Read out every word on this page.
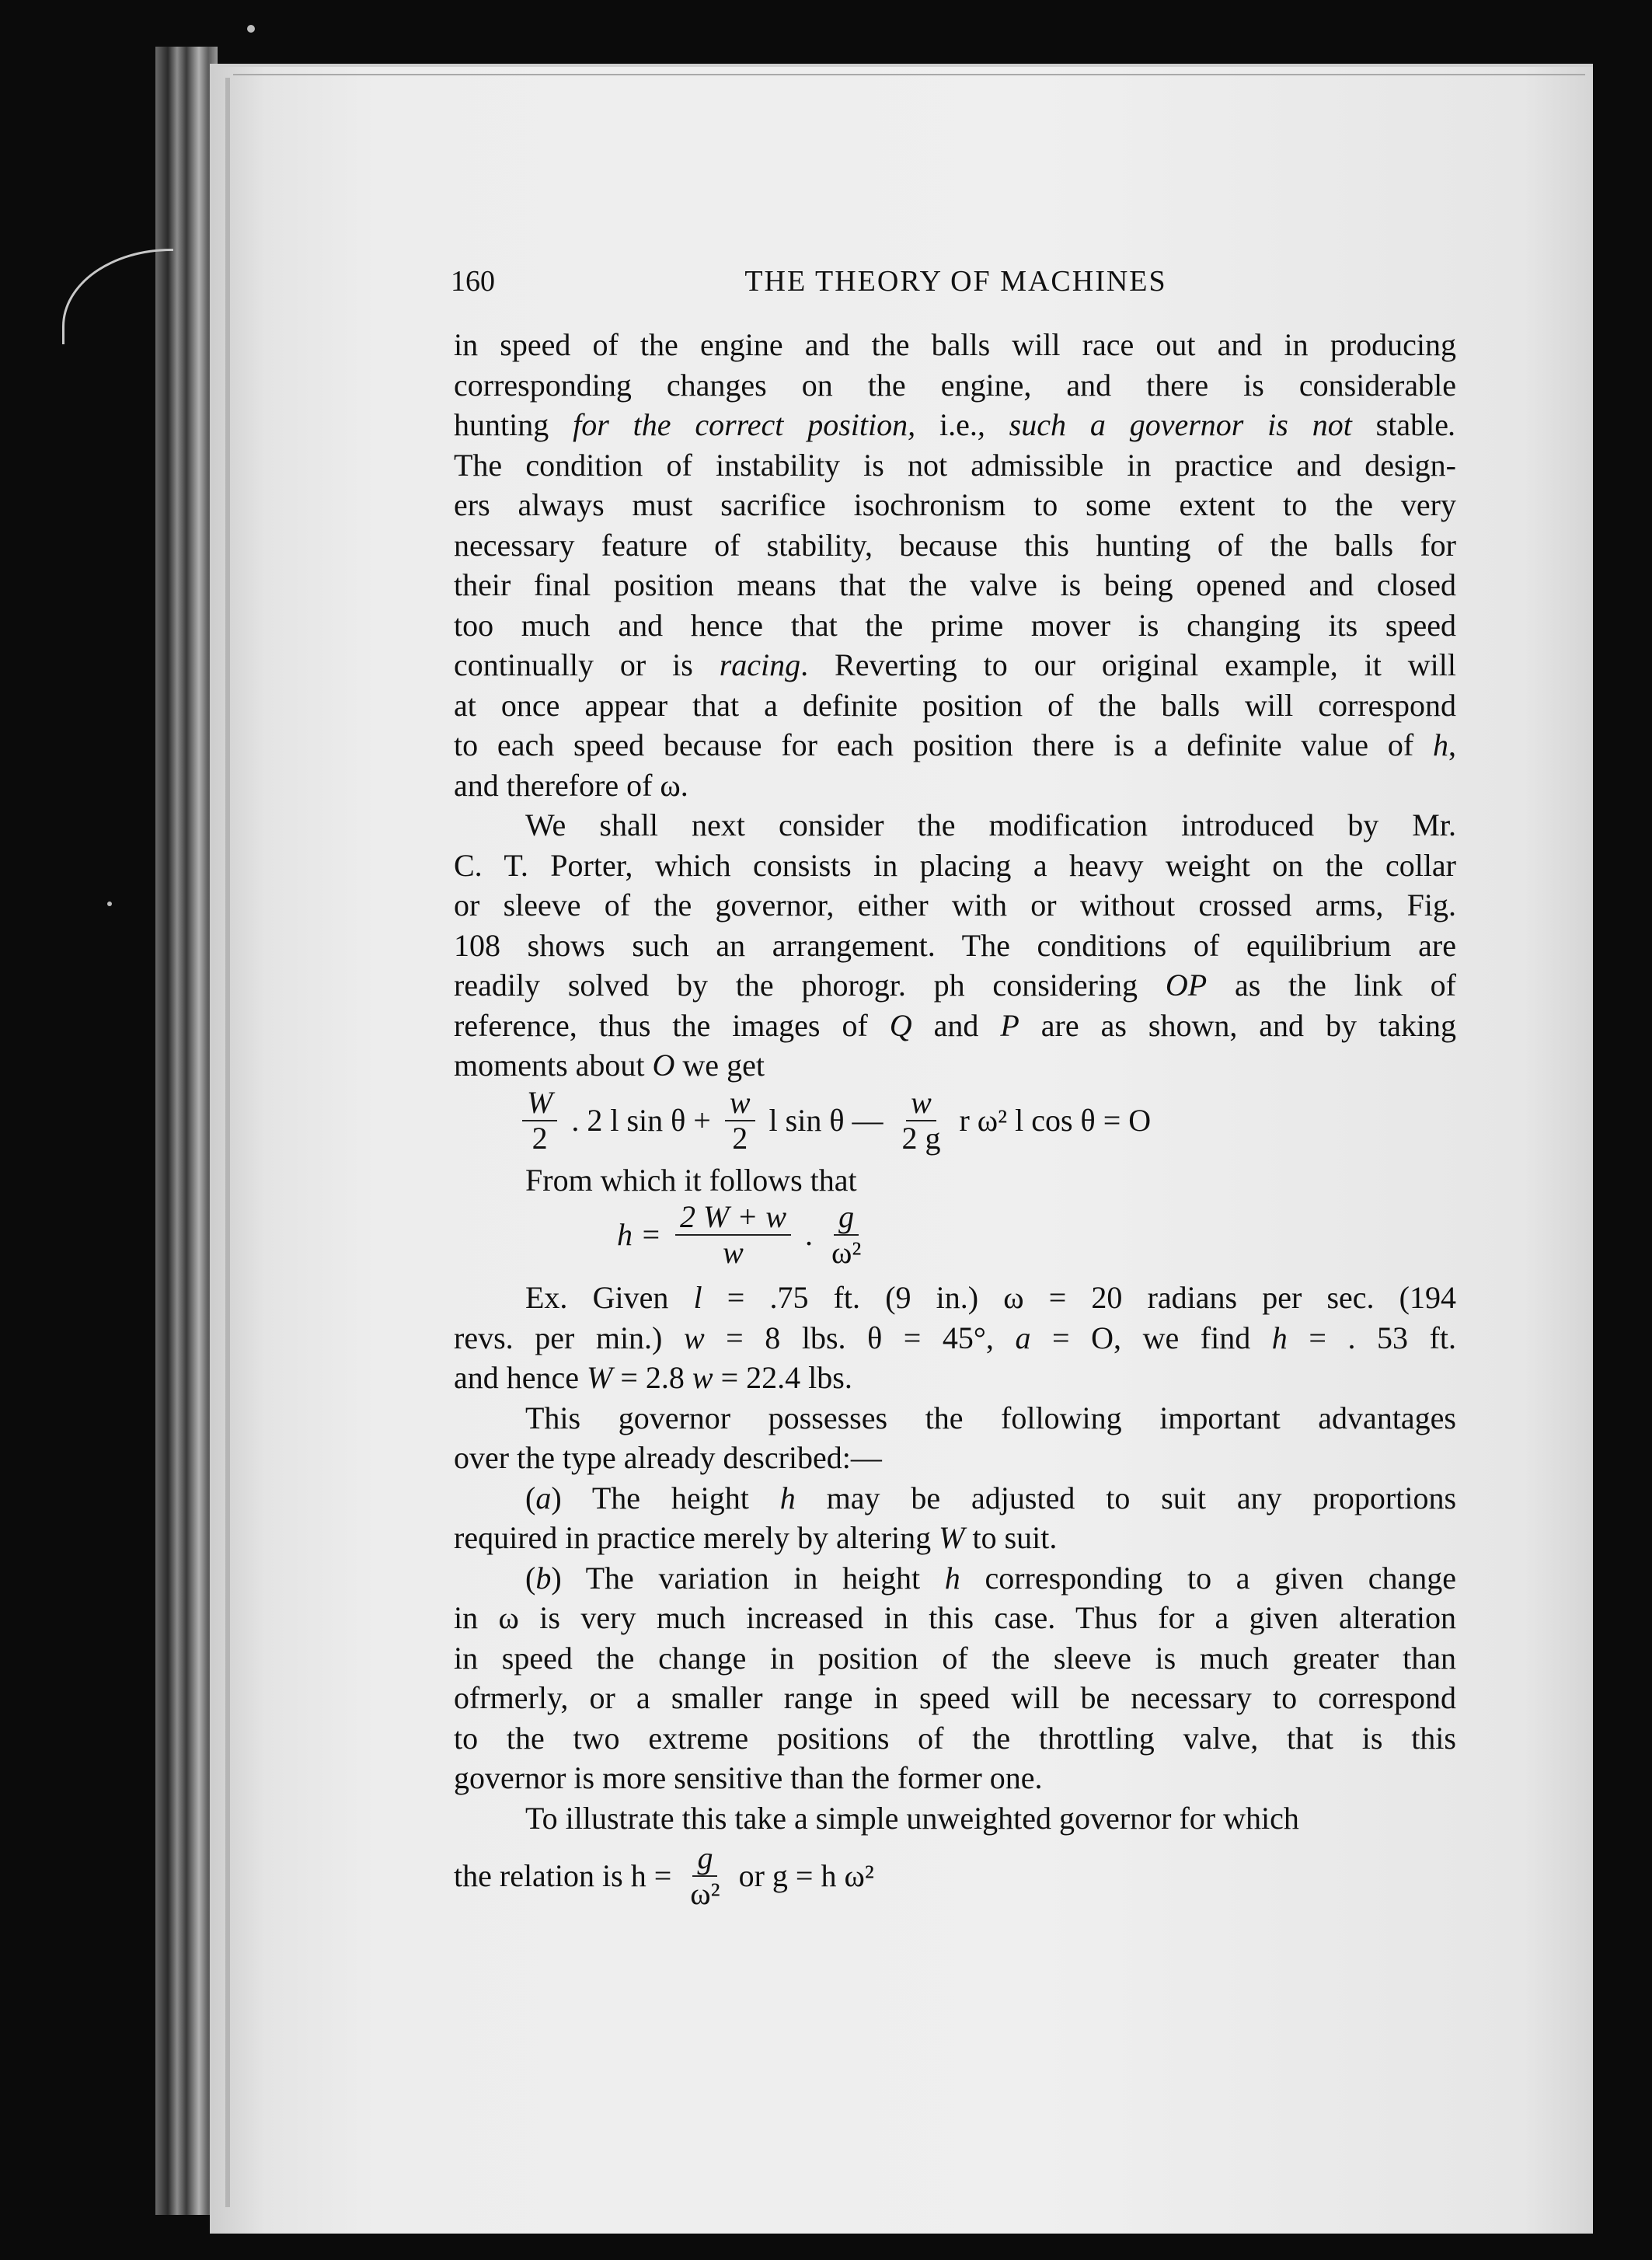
160	THE THEORY OF MACHINES

in speed of the engine and the balls will race out and in producing

corresponding changes on the engine, and there is considerable

hunting for the correct position, i.e., such a governor is not stable.

The condition of instability is not admissible in practice and design-

ers always must sacrifice isochronism to some extent to the very

necessary feature of stability, because this hunting of the balls for

their final position means that the valve is being opened and closed

too much and hence that the prime mover is changing its speed

continually or is racing. Reverting to our original example, it will

at once appear that a definite position of the balls will correspond

to each speed because for each position there is a definite value of h,

and therefore of ω.

We shall next consider the modification introduced by Mr.

C. T. Porter, which consists in placing a heavy weight on the collar

or sleeve of the governor, either with or without crossed arms, Fig.

108 shows such an arrangement. The conditions of equilibrium are

readily solved by the phorogr. ph considering OP as the link of

reference, thus the images of Q and P are as shown, and by taking

moments about O we get

$\frac{W}{2}$ . 2 l $\sin \theta + \frac{w}{2}$ l sin θ — $\frac{w}{2 g}$ r ω² l cos θ = O

From which it follows that

$h = \frac{2 W + w}{w}$ . $\frac{g}{\text{ω²}}$

Ex. Given l = .75 ft. (9 in.) ω = 20 radians per sec. (194

revs. per min.) w = 8 lbs. θ = 45°, a = O, we find h = . 53 ft.

and hence W = 2.8 w = 22.4 lbs.

This governor possesses the following important advantages

over the type already described:—

(a) The height h may be adjusted to suit any proportions

required in practice merely by altering W to suit.

(b) The variation in height h corresponding to a given change

in ω is very much increased in this case. Thus for a given alteration

in speed the change in position of the sleeve is much greater than

ofrmerly, or a smaller range in speed will be necessary to correspond

to the two extreme positions of the throttling valve, that is this

governor is more sensitive than the former one.

To illustrate this take a simple unweighted governor for which

the relation is $h = \frac{g}{\text{ω²}}$ or g = h ω²
